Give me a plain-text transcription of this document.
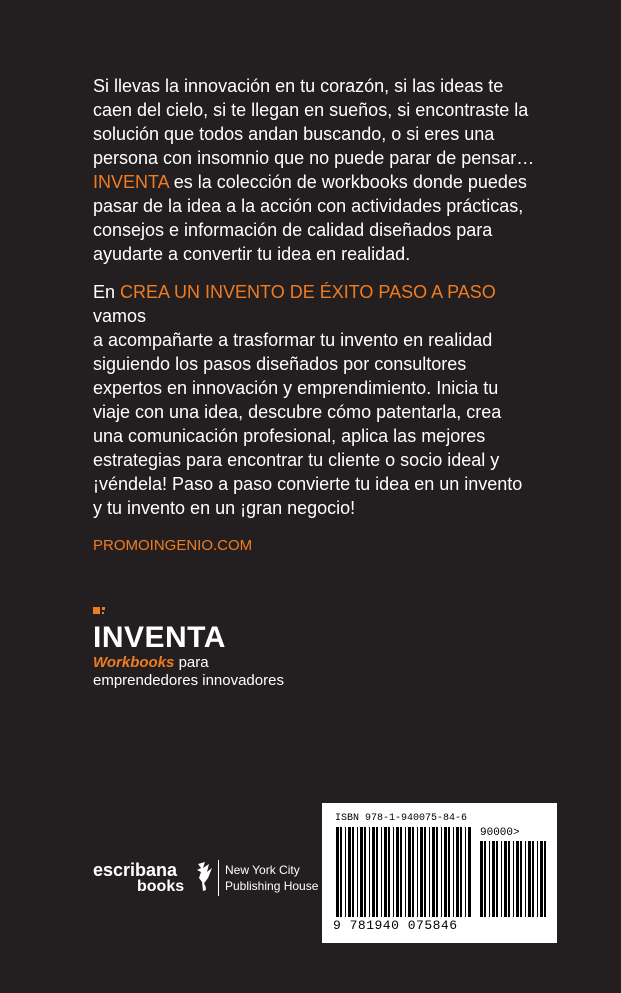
Si llevas la innovación en tu corazón, si las ideas te
caen del cielo, si te llegan en sueños, si encontraste la
solución que todos andan buscando, o si eres una
persona con insomnio que no puede parar de pensar…
INVENTA es la colección de workbooks donde puedes
pasar de la idea a la acción con actividades prácticas,
consejos e información de calidad diseñados para
ayudarte a convertir tu idea en realidad.
En CREA UN INVENTO DE ÉXITO PASO A PASO vamos
a acompañarte a trasformar tu invento en realidad
siguiendo los pasos diseñados por consultores
expertos en innovación y emprendimiento. Inicia tu
viaje con una idea, descubre cómo patentarla, crea
una comunicación profesional, aplica las mejores
estrategias para encontrar tu cliente o socio ideal y
¡véndela! Paso a paso convierte tu idea en un invento
y tu invento en un ¡gran negocio!
PROMOINGENIO.COM
INVENTA
Workbooks para
emprendedores innovadores
escribana
books
New York City
Publishing House
ISBN 978-1-940075-84-6
90000>
9 781940 075846
